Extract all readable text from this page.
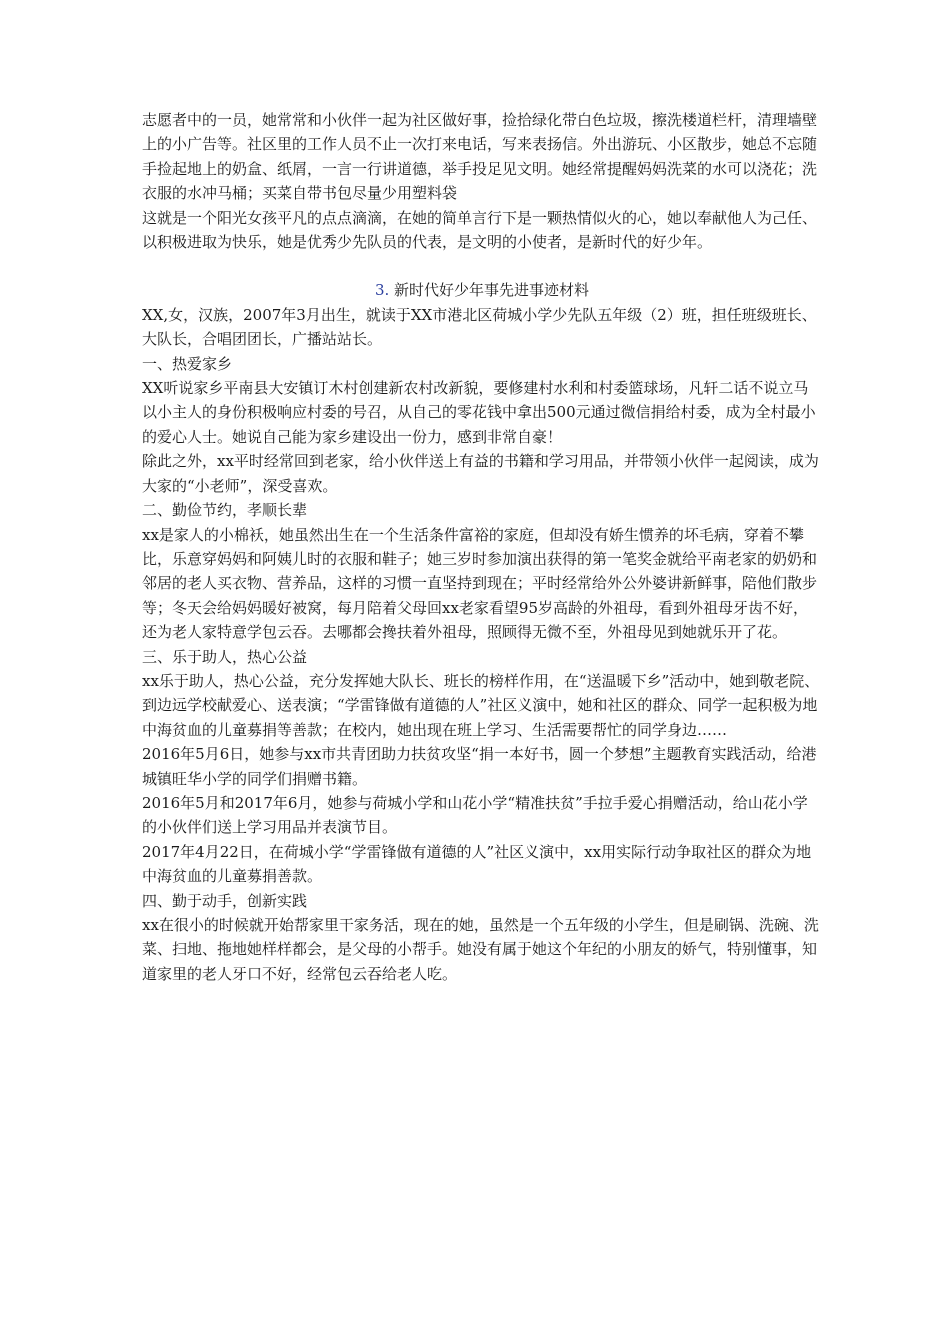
志愿者中的一员，她常常和小伙伴一起为社区做好事，捡拾绿化带白色垃圾，擦洗楼道栏杆，清理墙壁上的小广告等。社区里的工作人员不止一次打来电话，写来表扬信。外出游玩、小区散步，她总不忘随手捡起地上的奶盒、纸屑，一言一行讲道德，举手投足见文明。她经常提醒妈妈洗菜的水可以浇花；洗衣服的水冲马桶；买菜自带书包尽量少用塑料袋

这就是一个阳光女孩平凡的点点滴滴，在她的简单言行下是一颗热情似火的心，她以奉献他人为己任、以积极进取为快乐，她是优秀少先队员的代表，是文明的小使者，是新时代的好少年。

3. 新时代好少年事先进事迹材料

XX,女，汉族，2007年3月出生，就读于XX市港北区荷城小学少先队五年级（2）班，担任班级班长、大队长，合唱团团长，广播站站长。

一、热爱家乡

XX听说家乡平南县大安镇订木村创建新农村改新貌，要修建村水利和村委篮球场，凡轩二话不说立马以小主人的身份积极响应村委的号召，从自己的零花钱中拿出500元通过微信捐给村委，成为全村最小的爱心人士。她说自己能为家乡建设出一份力，感到非常自豪！

除此之外，xx平时经常回到老家，给小伙伴送上有益的书籍和学习用品，并带领小伙伴一起阅读，成为大家的“小老师”，深受喜欢。

二、勤俭节约，孝顺长辈

xx是家人的小棉袄，她虽然出生在一个生活条件富裕的家庭，但却没有娇生惯养的坏毛病，穿着不攀比，乐意穿妈妈和阿姨儿时的衣服和鞋子；她三岁时参加演出获得的第一笔奖金就给平南老家的奶奶和邻居的老人买衣物、营养品，这样的习惯一直坚持到现在；平时经常给外公外婆讲新鲜事，陪他们散步等；冬天会给妈妈暖好被窝，每月陪着父母回xx老家看望95岁高龄的外祖母，看到外祖母牙齿不好，还为老人家特意学包云吞。去哪都会搀扶着外祖母，照顾得无微不至，外祖母见到她就乐开了花。

三、乐于助人，热心公益

xx乐于助人，热心公益，充分发挥她大队长、班长的榜样作用，在“送温暖下乡”活动中，她到敬老院、到边远学校献爱心、送表演；“学雷锋做有道德的人”社区义演中，她和社区的群众、同学一起积极为地中海贫血的儿童募捐等善款；在校内，她出现在班上学习、生活需要帮忙的同学身边……

2016年5月6日，她参与xx市共青团助力扶贫攻坚“捐一本好书，圆一个梦想”主题教育实践活动，给港城镇旺华小学的同学们捐赠书籍。

2016年5月和2017年6月，她参与荷城小学和山花小学“精准扶贫”手拉手爱心捐赠活动，给山花小学的小伙伴们送上学习用品并表演节目。

2017年4月22日，在荷城小学“学雷锋做有道德的人”社区义演中，xx用实际行动争取社区的群众为地中海贫血的儿童募捐善款。

四、勤于动手，创新实践

xx在很小的时候就开始帮家里干家务活，现在的她，虽然是一个五年级的小学生，但是刷锅、洗碗、洗菜、扫地、拖地她样样都会，是父母的小帮手。她没有属于她这个年纪的小朋友的娇气，特别懂事，知道家里的老人牙口不好，经常包云吞给老人吃。
